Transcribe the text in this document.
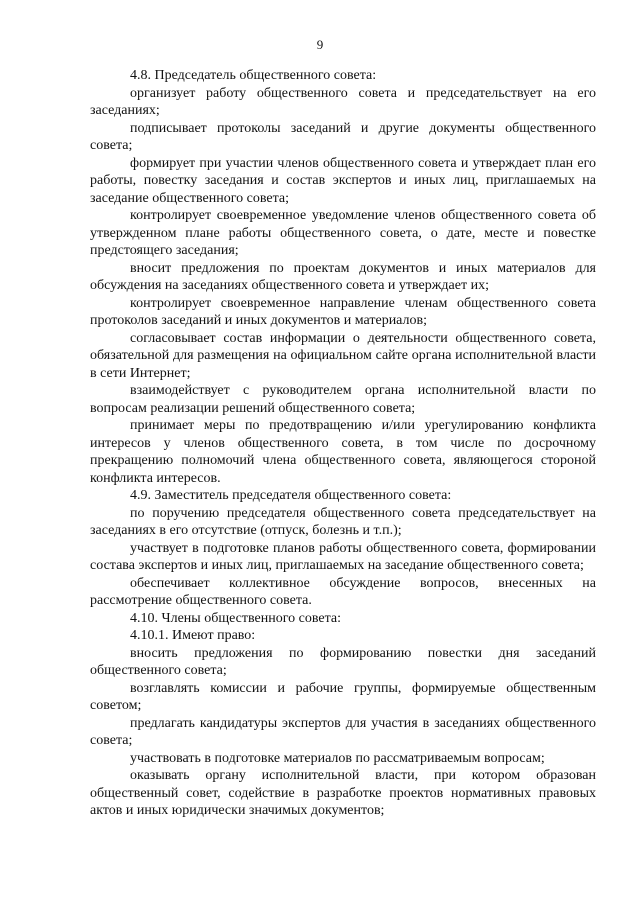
9

4.8. Председатель общественного совета:

организует работу общественного совета и председательствует на его заседаниях;

подписывает протоколы заседаний и другие документы общественного совета;

формирует при участии членов общественного совета и утверждает план его работы, повестку заседания и состав экспертов и иных лиц, приглашаемых на заседание общественного совета;

контролирует своевременное уведомление членов общественного совета об утвержденном плане работы общественного совета, о дате, месте и повестке предстоящего заседания;

вносит предложения по проектам документов и иных материалов для обсуждения на заседаниях общественного совета и утверждает их;

контролирует своевременное направление членам общественного совета протоколов заседаний и иных документов и материалов;

согласовывает состав информации о деятельности общественного совета, обязательной для размещения на официальном сайте органа исполнительной власти в сети Интернет;

взаимодействует с руководителем органа исполнительной власти по вопросам реализации решений общественного совета;

принимает меры по предотвращению и/или урегулированию конфликта интересов у членов общественного совета, в том числе по досрочному прекращению полномочий члена общественного совета, являющегося стороной конфликта интересов.

4.9. Заместитель председателя общественного совета:

по поручению председателя общественного совета председательствует на заседаниях в его отсутствие (отпуск, болезнь и т.п.);

участвует в подготовке планов работы общественного совета, формировании состава экспертов и иных лиц, приглашаемых на заседание общественного совета;

обеспечивает коллективное обсуждение вопросов, внесенных на рассмотрение общественного совета.

4.10. Члены общественного совета:

4.10.1. Имеют право:

вносить предложения по формированию повестки дня заседаний общественного совета;

возглавлять комиссии и рабочие группы, формируемые общественным советом;

предлагать кандидатуры экспертов для участия в заседаниях общественного совета;

участвовать в подготовке материалов по рассматриваемым вопросам;

оказывать органу исполнительной власти, при котором образован общественный совет, содействие в разработке проектов нормативных правовых актов и иных юридически значимых документов;
